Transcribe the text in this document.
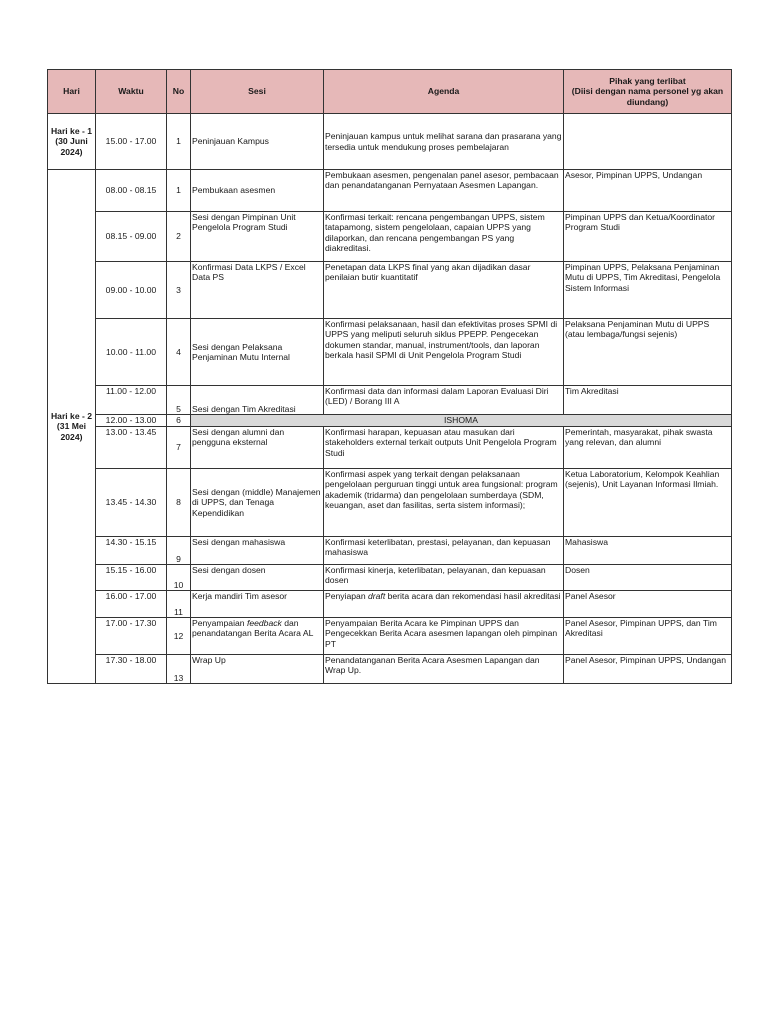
Hari	Waktu	No	Sesi	Agenda	Pihak yang terlibat
(Diisi dengan nama personel yg akan diundang)
Hari ke - 1 (30 Juni 2024)	15.00 - 17.00	1	Peninjauan Kampus	Peninjauan kampus untuk melihat sarana dan prasarana yang tersedia untuk mendukung proses pembelajaran	
Hari ke - 2 (31 Mei 2024)	08.00 - 08.15	1	Pembukaan asesmen	Pembukaan asesmen, pengenalan panel asesor, pembacaan dan penandatanganan Pernyataan Asesmen Lapangan.	Asesor, Pimpinan UPPS, Undangan
	08.15 - 09.00	2	Sesi dengan Pimpinan Unit Pengelola Program Studi	Konfirmasi terkait: rencana pengembangan UPPS, sistem tatapamong, sistem pengelolaan, capaian UPPS yang dilaporkan, dan rencana pengembangan PS yang diakreditasi.	Pimpinan UPPS dan Ketua/Koordinator Program Studi
	09.00 - 10.00	3	Konfirmasi Data LKPS / Excel Data PS	Penetapan data LKPS final yang akan dijadikan dasar penilaian butir kuantitatif	Pimpinan UPPS, Pelaksana Penjaminan Mutu di UPPS, Tim Akreditasi, Pengelola Sistem Informasi
	10.00 - 11.00	4	Sesi dengan Pelaksana Penjaminan Mutu Internal	Konfirmasi pelaksanaan, hasil dan efektivitas proses SPMI di UPPS yang meliputi seluruh siklus PPEPP. Pengecekan dokumen standar, manual, instrument/tools, dan laporan berkala hasil SPMI di Unit Pengelola Program Studi	Pelaksana Penjaminan Mutu di UPPS (atau lembaga/fungsi sejenis)
	11.00 - 12.00	5	Sesi dengan Tim Akreditasi	Konfirmasi data dan informasi dalam Laporan Evaluasi Diri (LED) / Borang III A	Tim Akreditasi
	12.00 - 13.00	6	ISHOMA		
	13.00 - 13.45	7	Sesi dengan alumni dan pengguna eksternal	Konfirmasi harapan, kepuasan atau masukan dari stakeholders external terkait outputs Unit Pengelola Program Studi	Pemerintah, masyarakat, pihak swasta yang relevan, dan alumni
	13.45 - 14.30	8	Sesi dengan (middle) Manajemen di UPPS, dan Tenaga Kependidikan	Konfirmasi aspek yang terkait dengan pelaksanaan pengelolaan perguruan tinggi untuk area fungsional: program akademik (tridarma) dan pengelolaan sumberdaya (SDM, keuangan, aset dan fasilitas, serta sistem informasi);	Ketua Laboratorium, Kelompok Keahlian (sejenis), Unit Layanan Informasi Ilmiah.
	14.30 - 15.15	9	Sesi dengan mahasiswa	Konfirmasi keterlibatan, prestasi, pelayanan, dan kepuasan mahasiswa	Mahasiswa
	15.15 - 16.00	10	Sesi dengan dosen	Konfirmasi kinerja, keterlibatan, pelayanan, dan kepuasan dosen	Dosen
	16.00 - 17.00	11	Kerja mandiri Tim asesor	Penyiapan draft berita acara dan rekomendasi hasil akreditasi	Panel Asesor
	17.00 - 17.30	12	Penyampaian feedback dan penandatangan Berita Acara AL	Penyampaian Berita Acara ke Pimpinan UPPS dan Pengecekkan Berita Acara asesmen lapangan oleh pimpinan PT	Panel Asesor, Pimpinan UPPS, dan Tim Akreditasi
	17.30 - 18.00	13	Wrap Up	Penandatanganan Berita Acara Asesmen Lapangan dan Wrap Up.	Panel Asesor, Pimpinan UPPS, Undangan
